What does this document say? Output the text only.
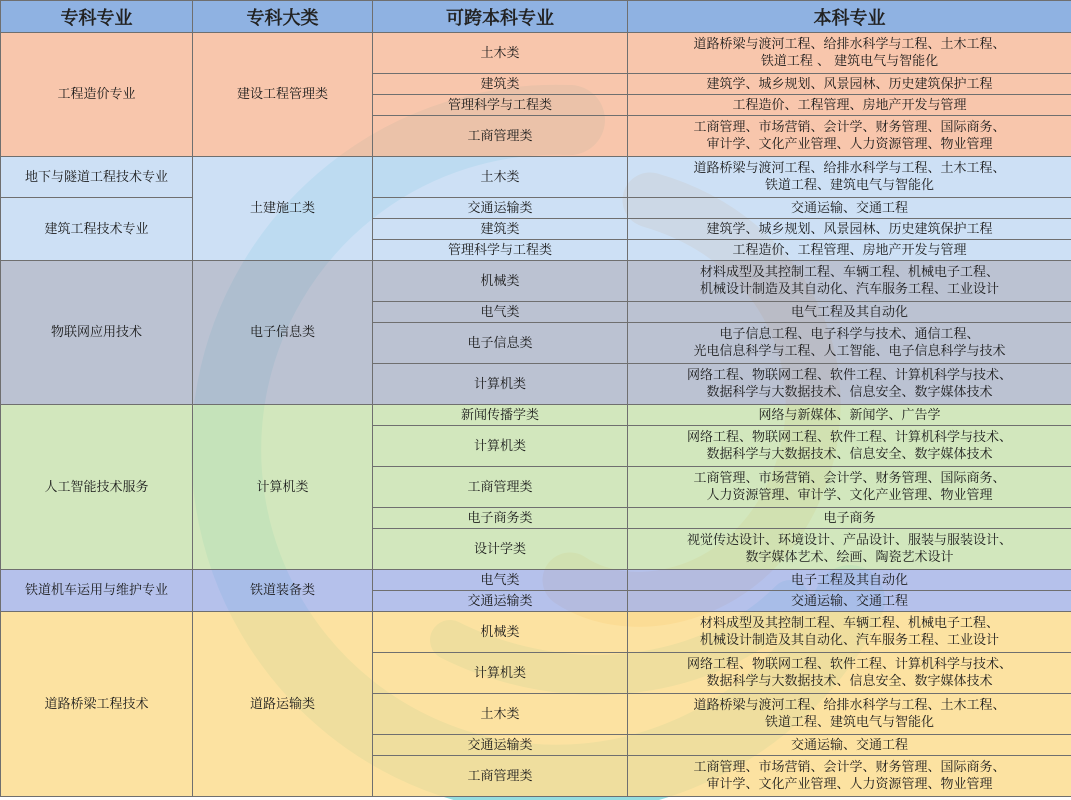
专科专业	专科大类	可跨本科专业	本科专业
工程造价专业	建设工程管理类	土木类	道路桥梁与渡河工程、给排水科学与工程、土木工程、
铁道工程 、 建筑电气与智能化
		建筑类	建筑学、城乡规划、风景园林、历史建筑保护工程
		管理科学与工程类	工程造价、工程管理、房地产开发与管理
		工商管理类	工商管理、市场营销、会计学、财务管理、国际商务、
审计学、文化产业管理、人力资源管理、物业管理
地下与隧道工程技术专业	土建施工类	土木类	道路桥梁与渡河工程、给排水科学与工程、土木工程、
铁道工程、建筑电气与智能化
建筑工程技术专业		交通运输类	交通运输、交通工程
		建筑类	建筑学、城乡规划、风景园林、历史建筑保护工程
		管理科学与工程类	工程造价、工程管理、房地产开发与管理
物联网应用技术	电子信息类	机械类	材料成型及其控制工程、车辆工程、机械电子工程、
机械设计制造及其自动化、汽车服务工程、工业设计
		电气类	电气工程及其自动化
		电子信息类	电子信息工程、电子科学与技术、通信工程、
光电信息科学与工程、人工智能、电子信息科学与技术
		计算机类	网络工程、物联网工程、软件工程、计算机科学与技术、
数据科学与大数据技术、信息安全、数字媒体技术
人工智能技术服务	计算机类	新闻传播学类	网络与新媒体、新闻学、广告学
		计算机类	网络工程、物联网工程、软件工程、计算机科学与技术、
数据科学与大数据技术、信息安全、数字媒体技术
		工商管理类	工商管理、市场营销、会计学、财务管理、国际商务、
人力资源管理、审计学、文化产业管理、物业管理
		电子商务类	电子商务
		设计学类	视觉传达设计、环境设计、产品设计、服装与服装设计、
数字媒体艺术、绘画、陶瓷艺术设计
铁道机车运用与维护专业	铁道装备类	电气类	电子工程及其自动化
		交通运输类	交通运输、交通工程
道路桥梁工程技术	道路运输类	机械类	材料成型及其控制工程、车辆工程、机械电子工程、
机械设计制造及其自动化、汽车服务工程、工业设计
		计算机类	网络工程、物联网工程、软件工程、计算机科学与技术、
数据科学与大数据技术、信息安全、数字媒体技术
		土木类	道路桥梁与渡河工程、给排水科学与工程、土木工程、
铁道工程、建筑电气与智能化
		交通运输类	交通运输、交通工程
		工商管理类	工商管理、市场营销、会计学、财务管理、国际商务、
审计学、文化产业管理、人力资源管理、物业管理
